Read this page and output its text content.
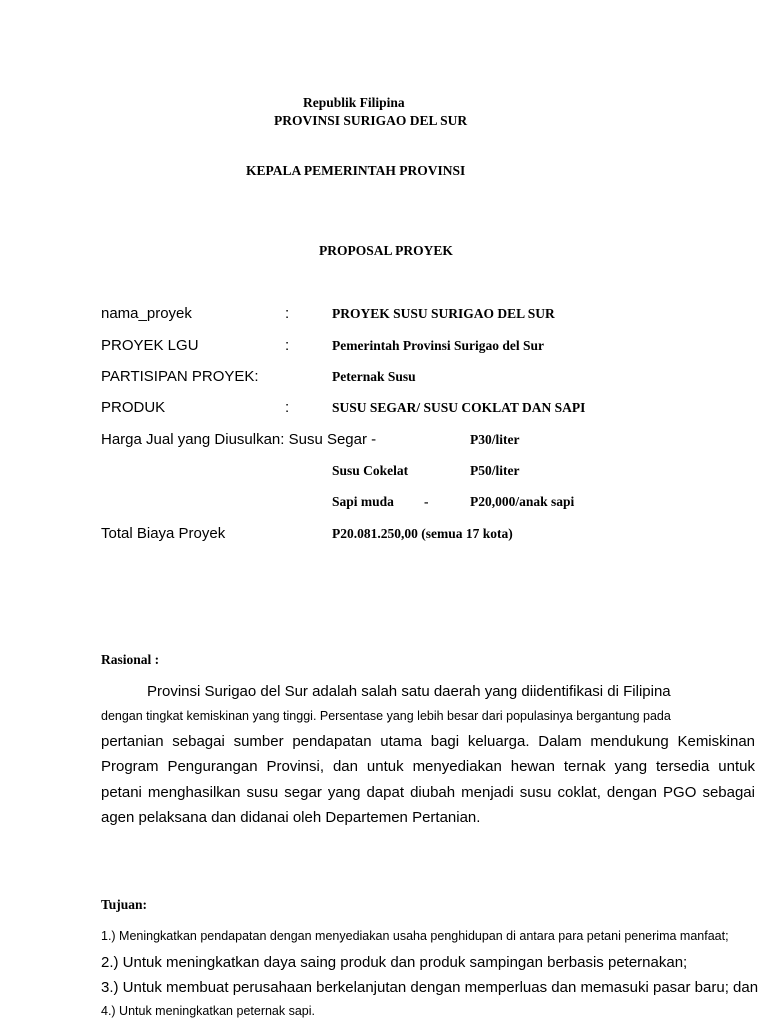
Republik Filipina
PROVINSI SURIGAO DEL SUR
KEPALA PEMERINTAH PROVINSI
PROPOSAL PROYEK
nama_proyek	:	PROYEK SUSU SURIGAO DEL SUR
PROYEK LGU	:	Pemerintah Provinsi Surigao del Sur
PARTISIPAN PROYEK:	Peternak Susu
PRODUK	:	SUSU SEGAR/ SUSU COKLAT DAN SAPI
Harga Jual yang Diusulkan: Susu Segar -	P30/liter
Susu Cokelat	P50/liter
Sapi muda -	P20,000/anak sapi
Total Biaya Proyek	P20.081.250,00 (semua 17 kota)
Rasional :
Provinsi Surigao del Sur adalah salah satu daerah yang diidentifikasi di Filipina
dengan tingkat kemiskinan yang tinggi. Persentase yang lebih besar dari populasinya bergantung pada
pertanian sebagai sumber pendapatan utama bagi keluarga. Dalam mendukung Kemiskinan
Program Pengurangan Provinsi, dan untuk menyediakan hewan ternak yang tersedia untuk
petani menghasilkan susu segar yang dapat diubah menjadi susu coklat, dengan PGO sebagai
agen pelaksana dan didanai oleh Departemen Pertanian.
Tujuan:
1.) Meningkatkan pendapatan dengan menyediakan usaha penghidupan di antara para petani penerima manfaat;
2.) Untuk meningkatkan daya saing produk dan produk sampingan berbasis peternakan;
3.) Untuk membuat perusahaan berkelanjutan dengan memperluas dan memasuki pasar baru; dan
4.) Untuk meningkatkan peternak sapi.
